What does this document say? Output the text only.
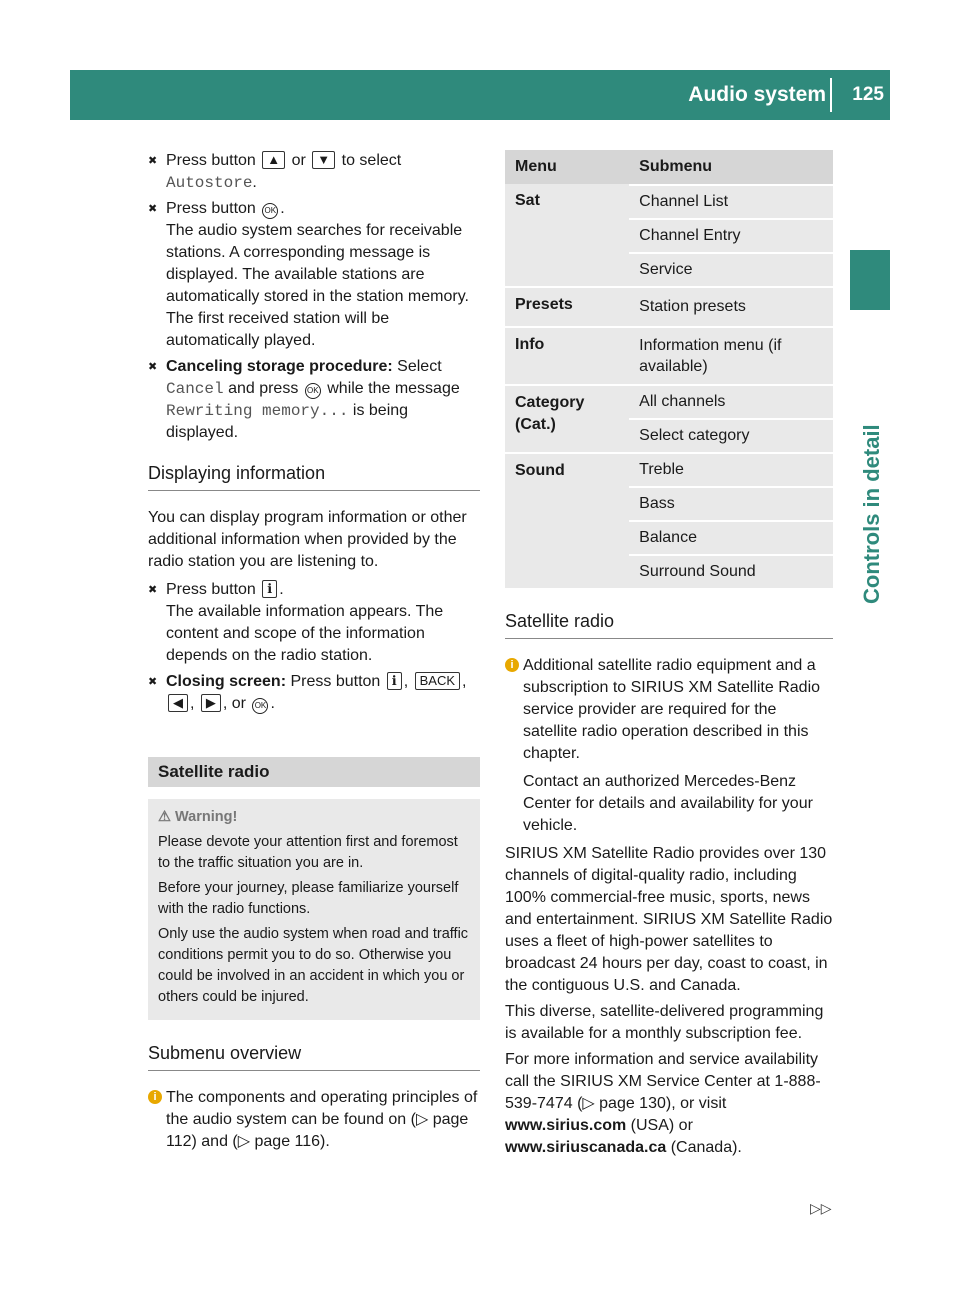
Audio system 125
Controls in detail
✖ Press button ▲ or ▼ to select
Autostore.
✖ Press button OK .
The audio system searches for receivable stations. A corresponding message is displayed. The available stations are automatically stored in the station memory. The first received station will be automatically played.
✖ Canceling storage procedure: Select Cancel and press OK while the message Rewriting memory... is being displayed.
Displaying information

You can display program information or other additional information when provided by the radio station you are listening to.

✖ Press button ℹ .
The available information appears. The content and scope of the information depends on the radio station.
✖ Closing screen: Press button ℹ , BACK , ◀ , ▶ , or OK .
Satellite radio

⚠ Warning!

Please devote your attention first and foremost to the traffic situation you are in.

Before your journey, please familiarize yourself with the radio functions.

Only use the audio system when road and traffic conditions permit you to do so. Otherwise you could be involved in an accident in which you or others could be injured.

Submenu overview
i The components and operating principles of the audio system can be found on (▷ page 112) and (▷ page 116).

Menu	Submenu
Sat	Channel List
	Channel Entry
	Service
Presets	Station presets
Info	Information menu (if available)
Category (Cat.)	All channels
	Select category
Sound	Treble
	Bass
	Balance
	Surround Sound
Satellite radio
i Additional satellite radio equipment and a subscription to SIRIUS XM Satellite Radio service provider are required for the satellite radio operation described in this chapter.

Contact an authorized Mercedes-Benz Center for details and availability for your vehicle.

SIRIUS XM Satellite Radio provides over 130 channels of digital-quality radio, including 100% commercial-free music, sports, news and entertainment. SIRIUS XM Satellite Radio uses a fleet of high-power satellites to broadcast 24 hours per day, coast to coast, in the contiguous U.S. and Canada.

This diverse, satellite-delivered programming is available for a monthly subscription fee.

For more information and service availability call the SIRIUS XM Service Center at 1-888-539-7474 (▷ page 130), or visit www.sirius.com (USA) or www.siriuscanada.ca (Canada).

▷▷
